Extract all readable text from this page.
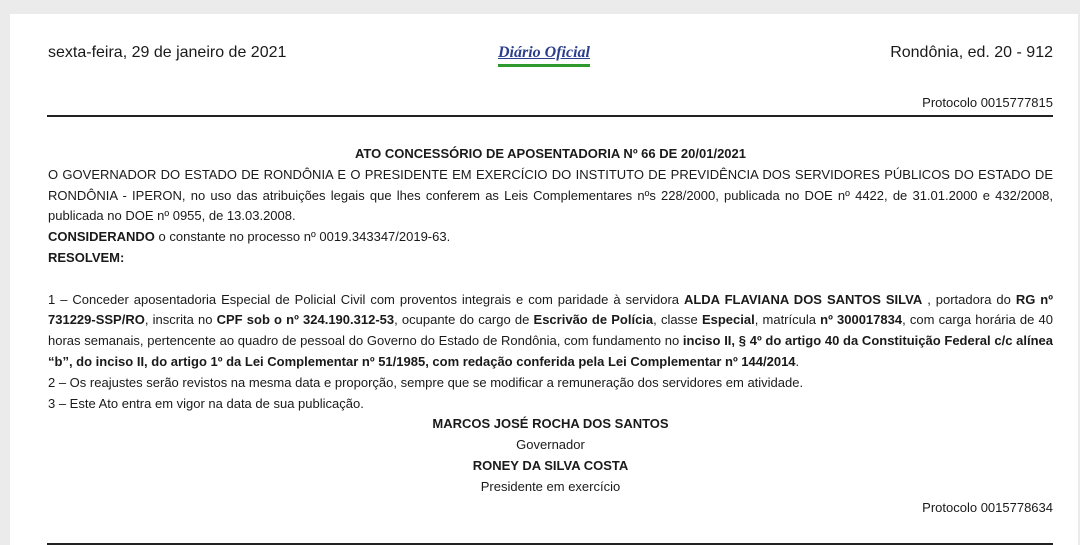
sexta-feira, 29 de janeiro de 2021	Diário Oficial	Rondônia, ed. 20 - 912
Protocolo 0015777815

ATO CONCESSÓRIO DE APOSENTADORIA Nº 66 DE 20/01/2021

O GOVERNADOR DO ESTADO DE RONDÔNIA E O PRESIDENTE EM EXERCÍCIO DO INSTITUTO DE PREVIDÊNCIA DOS SERVIDORES PÚBLICOS DO ESTADO DE RONDÔNIA - IPERON, no uso das atribuições legais que lhes conferem as Leis Complementares nºs 228/2000, publicada no DOE nº 4422, de 31.01.2000 e 432/2008, publicada no DOE nº 0955, de 13.03.2008.

CONSIDERANDO o constante no processo nº 0019.343347/2019-63.

RESOLVEM:

1 – Conceder aposentadoria Especial de Policial Civil com proventos integrais e com paridade à servidora ALDA FLAVIANA DOS SANTOS SILVA , portadora do RG nº 731229-SSP/RO, inscrita no CPF sob o nº 324.190.312-53, ocupante do cargo de Escrivão de Polícia, classe Especial, matrícula nº 300017834, com carga horária de 40 horas semanais, pertencente ao quadro de pessoal do Governo do Estado de Rondônia, com fundamento no inciso II, § 4º do artigo 40 da Constituição Federal c/c alínea “b”, do inciso II, do artigo 1º da Lei Complementar nº 51/1985, com redação conferida pela Lei Complementar nº 144/2014.

2 – Os reajustes serão revistos na mesma data e proporção, sempre que se modificar a remuneração dos servidores em atividade.

3 – Este Ato entra em vigor na data de sua publicação.

MARCOS JOSÉ ROCHA DOS SANTOS

Governador

RONEY DA SILVA COSTA

Presidente em exercício

Protocolo 0015778634
